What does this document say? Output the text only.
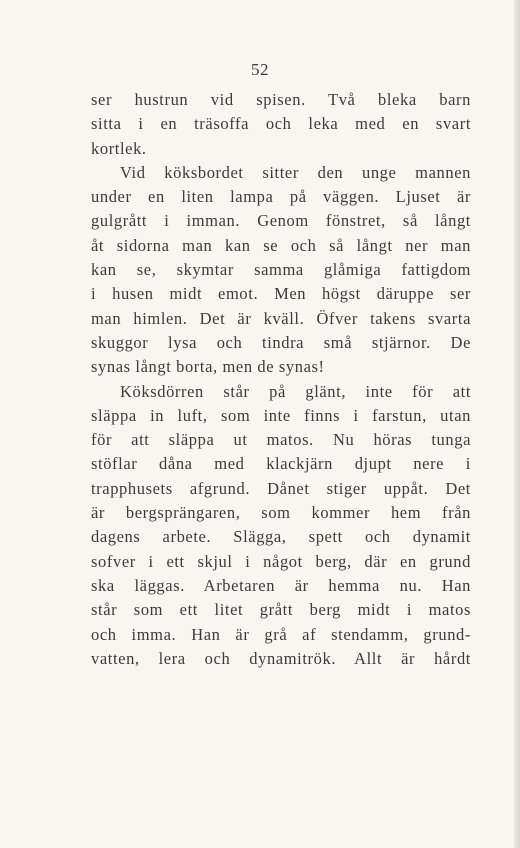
52
ser hustrun vid spisen. Två bleka barn
sitta i en träsoffa och leka med en svart
kortlek.
Vid köksbordet sitter den unge mannen
under en liten lampa på väggen. Ljuset är
gulgrått i imman. Genom fönstret, så långt
åt sidorna man kan se och så långt ner man
kan se, skymtar samma glåmiga fattigdom
i husen midt emot. Men högst däruppe ser
man himlen. Det är kväll. Öfver takens svarta
skuggor lysa och tindra små stjärnor. De
synas långt borta, men de synas!
Köksdörren står på glänt, inte för att
släppa in luft, som inte finns i farstun, utan
för att släppa ut matos. Nu höras tunga
stöflar dåna med klackjärn djupt nere i
trapphusets afgrund. Dånet stiger uppåt. Det
är bergsprängaren, som kommer hem från
dagens arbete. Slägga, spett och dynamit
sofver i ett skjul i något berg, där en grund
ska läggas. Arbetaren är hemma nu. Han
står som ett litet grått berg midt i matos
och imma. Han är grå af stendamm, grund-
vatten, lera och dynamitrök. Allt är hårdt
